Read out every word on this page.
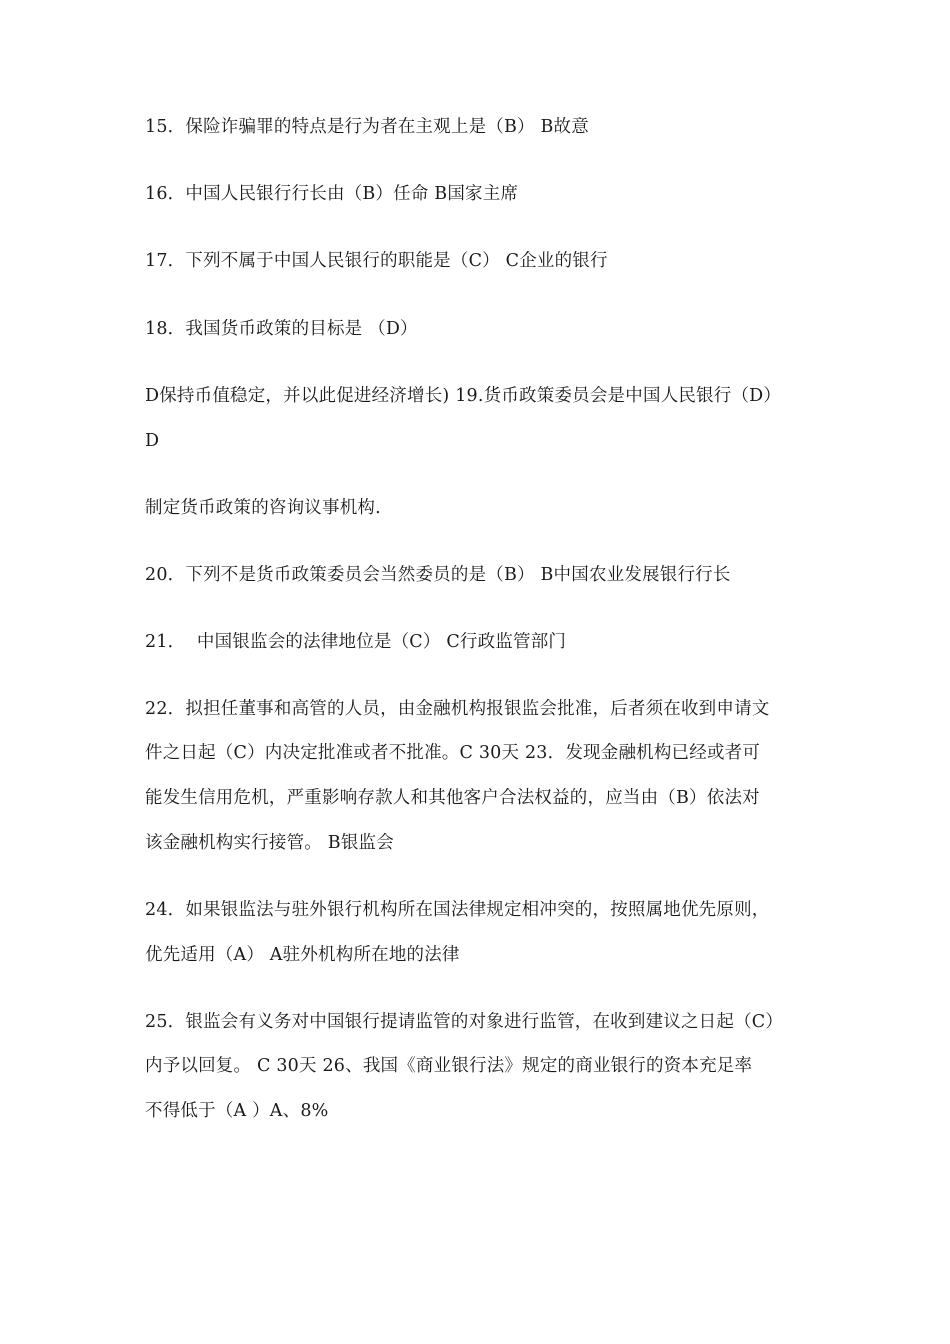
15．保险诈骗罪的特点是行为者在主观上是（B） B故意
16．中国人民银行行长由（B）任命 B国家主席
17．下列不属于中国人民银行的职能是（C） C企业的银行
18．我国货币政策的目标是 （D）
D保持币值稳定，并以此促进经济增长) 19.货币政策委员会是中国人民银行（D）
D
制定货币政策的咨询议事机构.
20．下列不是货币政策委员会当然委员的是（B） B中国农业发展银行行长
21．  中国银监会的法律地位是（C） C行政监管部门
22．拟担任董事和高管的人员，由金融机构报银监会批准，后者须在收到申请文
件之日起（C）内决定批准或者不批准。C 30天 23．发现金融机构已经或者可
能发生信用危机，严重影响存款人和其他客户合法权益的，应当由（B）依法对
该金融机构实行接管。 B银监会
24．如果银监法与驻外银行机构所在国法律规定相冲突的，按照属地优先原则，
优先适用（A） A驻外机构所在地的法律
25．银监会有义务对中国银行提请监管的对象进行监管，在收到建议之日起（C）
内予以回复。 C 30天 26、我国《商业银行法》规定的商业银行的资本充足率
不得低于（A ）A、8%
